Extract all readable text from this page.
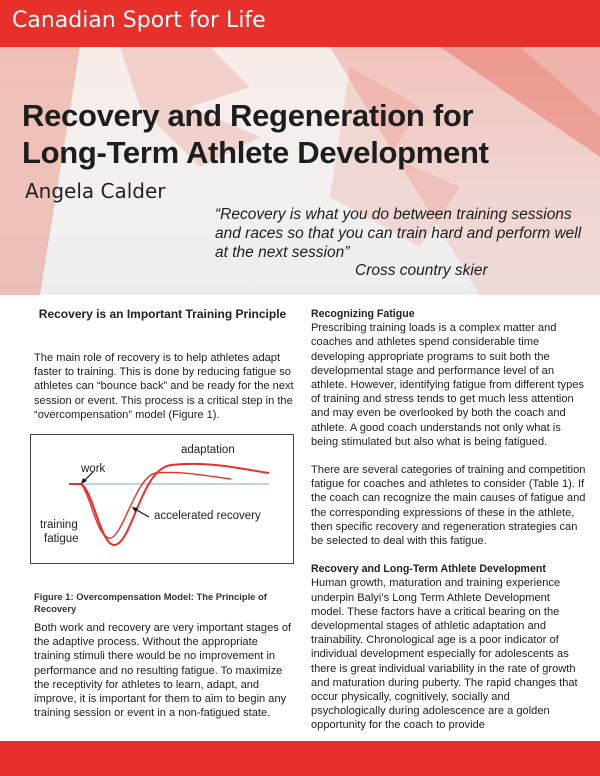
Canadian Sport for Life
Recovery and Regeneration for
Long-Term Athlete Development
Angela Calder
“Recovery is what you do between training sessions and races so that you can train hard and perform well at the next session”
Cross country skier
Recovery is an Important Training Principle
The main role of recovery is to help athletes adapt faster to training. This is done by reducing fatigue so athletes can “bounce back” and be ready for the next session or event. This process is a critical step in the “overcompensation” model (Figure 1).
adaptation
work
training
fatigue
accelerated recovery
Figure 1: Overcompensation Model: The Principle of Recovery
Both work and recovery are very important stages of the adaptive process. Without the appropriate training stimuli there would be no improvement in performance and no resulting fatigue. To maximize the receptivity for athletes to learn, adapt, and improve, it is important for them to aim to begin any training session or event in a non-fatigued state.
Recognizing Fatigue
Prescribing training loads is a complex matter and coaches and athletes spend considerable time developing appropriate programs to suit both the developmental stage and performance level of an athlete. However, identifying fatigue from different types of training and stress tends to get much less attention and may even be overlooked by both the coach and athlete. A good coach understands not only what is being stimulated but also what is being fatigued.
There are several categories of training and competition fatigue for coaches and athletes to consider (Table 1). If the coach can recognize the main causes of fatigue and the corresponding expressions of these in the athlete, then specific recovery and regeneration strategies can be selected to deal with this fatigue.
Recovery and Long-Term Athlete Development
Human growth, maturation and training experience underpin Balyi’s Long Term Athlete Development model. These factors have a critical bearing on the developmental stages of athletic adaptation and trainability. Chronological age is a poor indicator of individual development especially for adolescents as there is great individual variability in the rate of growth and maturation during puberty. The rapid changes that occur physically, cognitively, socially and psychologically during adolescence are a golden opportunity for the coach to provide
